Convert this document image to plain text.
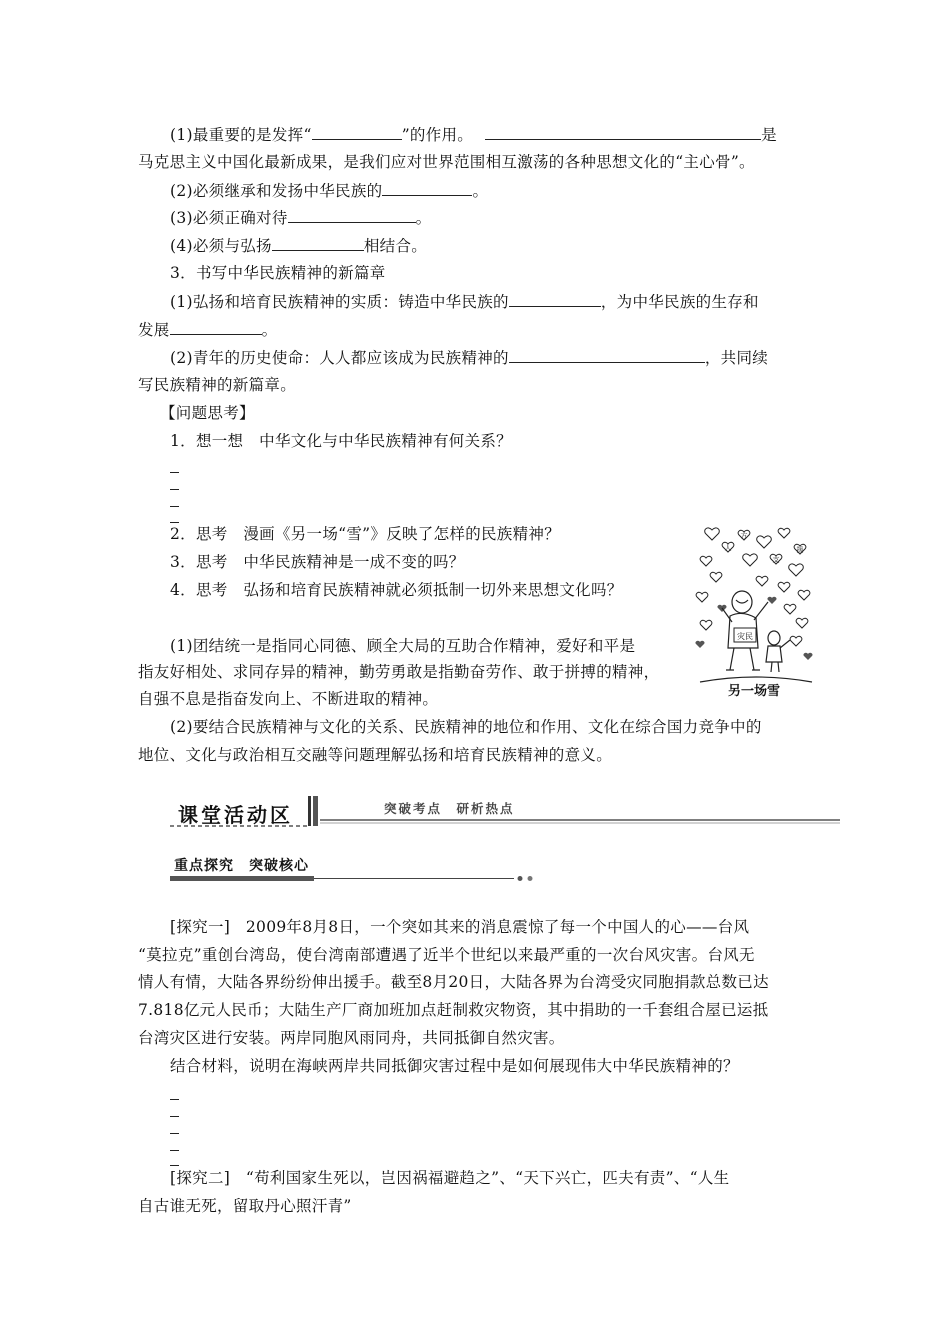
(1)最重要的是发挥“	”的作用。	是
马克思主义中国化最新成果，是我们应对世界范围相互激荡的各种思想文化的“主心骨”。
(2)必须继承和发扬中华民族的	。
(3)必须正确对待	。
(4)必须与弘扬	相结合。
3．书写中华民族精神的新篇章
(1)弘扬和培育民族精神的实质：铸造中华民族的	，为中华民族的生存和
发展	。
(2)青年的历史使命：人人都应该成为民族精神的	，共同续
写民族精神的新篇章。
【问题思考】
1．想一想　中华文化与中华民族精神有何关系？
2．思考　漫画《另一场“雪”》反映了怎样的民族精神？
3．思考　中华民族精神是一成不变的吗？
4．思考　弘扬和培育民族精神就必须抵制一切外来思想文化吗？
人
方
援
支
灾民
另一场雪
(1)团结统一是指同心同德、顾全大局的互助合作精神，爱好和平是
指友好相处、求同存异的精神，勤劳勇敢是指勤奋劳作、敢于拼搏的精神，
自强不息是指奋发向上、不断进取的精神。
(2)要结合民族精神与文化的关系、民族精神的地位和作用、文化在综合国力竞争中的
地位、文化与政治相互交融等问题理解弘扬和培育民族精神的意义。
课堂活动区	突破考点　研析热点
重点探究　突破核心
[探究一]　2009年8月8日，一个突如其来的消息震惊了每一个中国人的心——台风
“莫拉克”重创台湾岛，使台湾南部遭遇了近半个世纪以来最严重的一次台风灾害。台风无
情人有情，大陆各界纷纷伸出援手。截至8月20日，大陆各界为台湾受灾同胞捐款总数已达
7.818亿元人民币；大陆生产厂商加班加点赶制救灾物资，其中捐助的一千套组合屋已运抵
台湾灾区进行安装。两岸同胞风雨同舟，共同抵御自然灾害。
结合材料，说明在海峡两岸共同抵御灾害过程中是如何展现伟大中华民族精神的？
[探究二]　“苟利国家生死以，岂因祸福避趋之”、“天下兴亡，匹夫有责”、“人生
自古谁无死，留取丹心照汗青”
